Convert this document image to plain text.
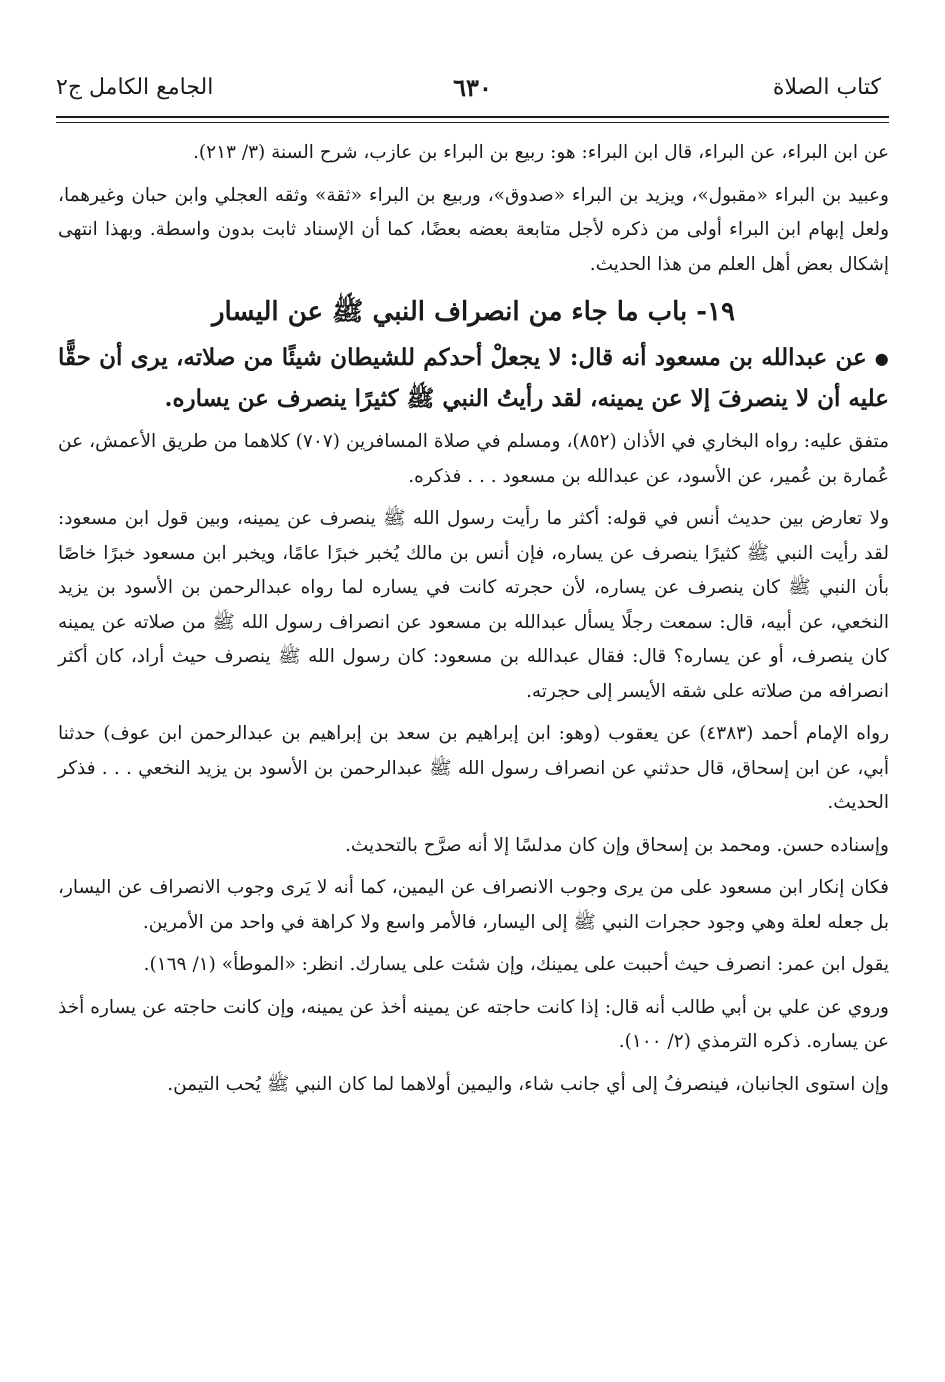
كتاب الصلاة
٦٣٠
الجامع الكامل ج٢

عن ابن البراء، عن البراء، قال ابن البراء: هو: ربيع بن البراء بن عازب، شرح السنة (٣/ ٢١٣).

وعبيد بن البراء «مقبول»، ويزيد بن البراء «صدوق»، وربيع بن البراء «ثقة» وثقه العجلي وابن حبان وغيرهما، ولعل إبهام ابن البراء أولى من ذكره لأجل متابعة بعضه بعضًا، كما أن الإسناد ثابت بدون واسطة. وبهذا انتهى إشكال بعض أهل العلم من هذا الحديث.

١٩- باب ما جاء من انصراف النبي ﷺ عن اليسار

●عن عبدالله بن مسعود أنه قال: لا يجعلْ أحدكم للشيطان شيئًا من صلاته، يرى أن حقًّا عليه أن لا ينصرفَ إلا عن يمينه، لقد رأيتُ النبي ﷺ كثيرًا ينصرف عن يساره.

متفق عليه: رواه البخاري في الأذان (٨٥٢)، ومسلم في صلاة المسافرين (٧٠٧) كلاهما من طريق الأعمش، عن عُمارة بن عُمير، عن الأسود، عن عبدالله بن مسعود . . . فذكره.

ولا تعارض بين حديث أنس في قوله: أكثر ما رأيت رسول الله ﷺ ينصرف عن يمينه، وبين قول ابن مسعود: لقد رأيت النبي ﷺ كثيرًا ينصرف عن يساره، فإن أنس بن مالك يُخبر خبرًا عامًا، ويخبر ابن مسعود خبرًا خاصًا بأن النبي ﷺ كان ينصرف عن يساره، لأن حجرته كانت في يساره لما رواه عبدالرحمن بن الأسود بن يزيد النخعي، عن أبيه، قال: سمعت رجلًا يسأل عبدالله بن مسعود عن انصراف رسول الله ﷺ من صلاته عن يمينه كان ينصرف، أو عن يساره؟ قال: فقال عبدالله بن مسعود: كان رسول الله ﷺ ينصرف حيث أراد، كان أكثر انصرافه من صلاته على شقه الأيسر إلى حجرته.

رواه الإمام أحمد (٤٣٨٣) عن يعقوب (وهو: ابن إبراهيم بن سعد بن إبراهيم بن عبدالرحمن ابن عوف) حدثنا أبي، عن ابن إسحاق، قال حدثني عن انصراف رسول الله ﷺ عبدالرحمن بن الأسود بن يزيد النخعي . . . فذكر الحديث.

وإسناده حسن. ومحمد بن إسحاق وإن كان مدلسًا إلا أنه صرَّح بالتحديث.

فكان إنكار ابن مسعود على من يرى وجوب الانصراف عن اليمين، كما أنه لا يَرى وجوب الانصراف عن اليسار، بل جعله لعلة وهي وجود حجرات النبي ﷺ إلى اليسار، فالأمر واسع ولا كراهة في واحد من الأمرين.

يقول ابن عمر: انصرف حيث أحببت على يمينك، وإن شئت على يسارك. انظر: «الموطأ» (١/ ١٦٩).

وروي عن علي بن أبي طالب أنه قال: إذا كانت حاجته عن يمينه أخذ عن يمينه، وإن كانت حاجته عن يساره أخذ عن يساره. ذكره الترمذي (٢/ ١٠٠).

وإن استوى الجانبان، فينصرفُ إلى أي جانب شاء، واليمين أولاهما لما كان النبي ﷺ يُحب التيمن.
